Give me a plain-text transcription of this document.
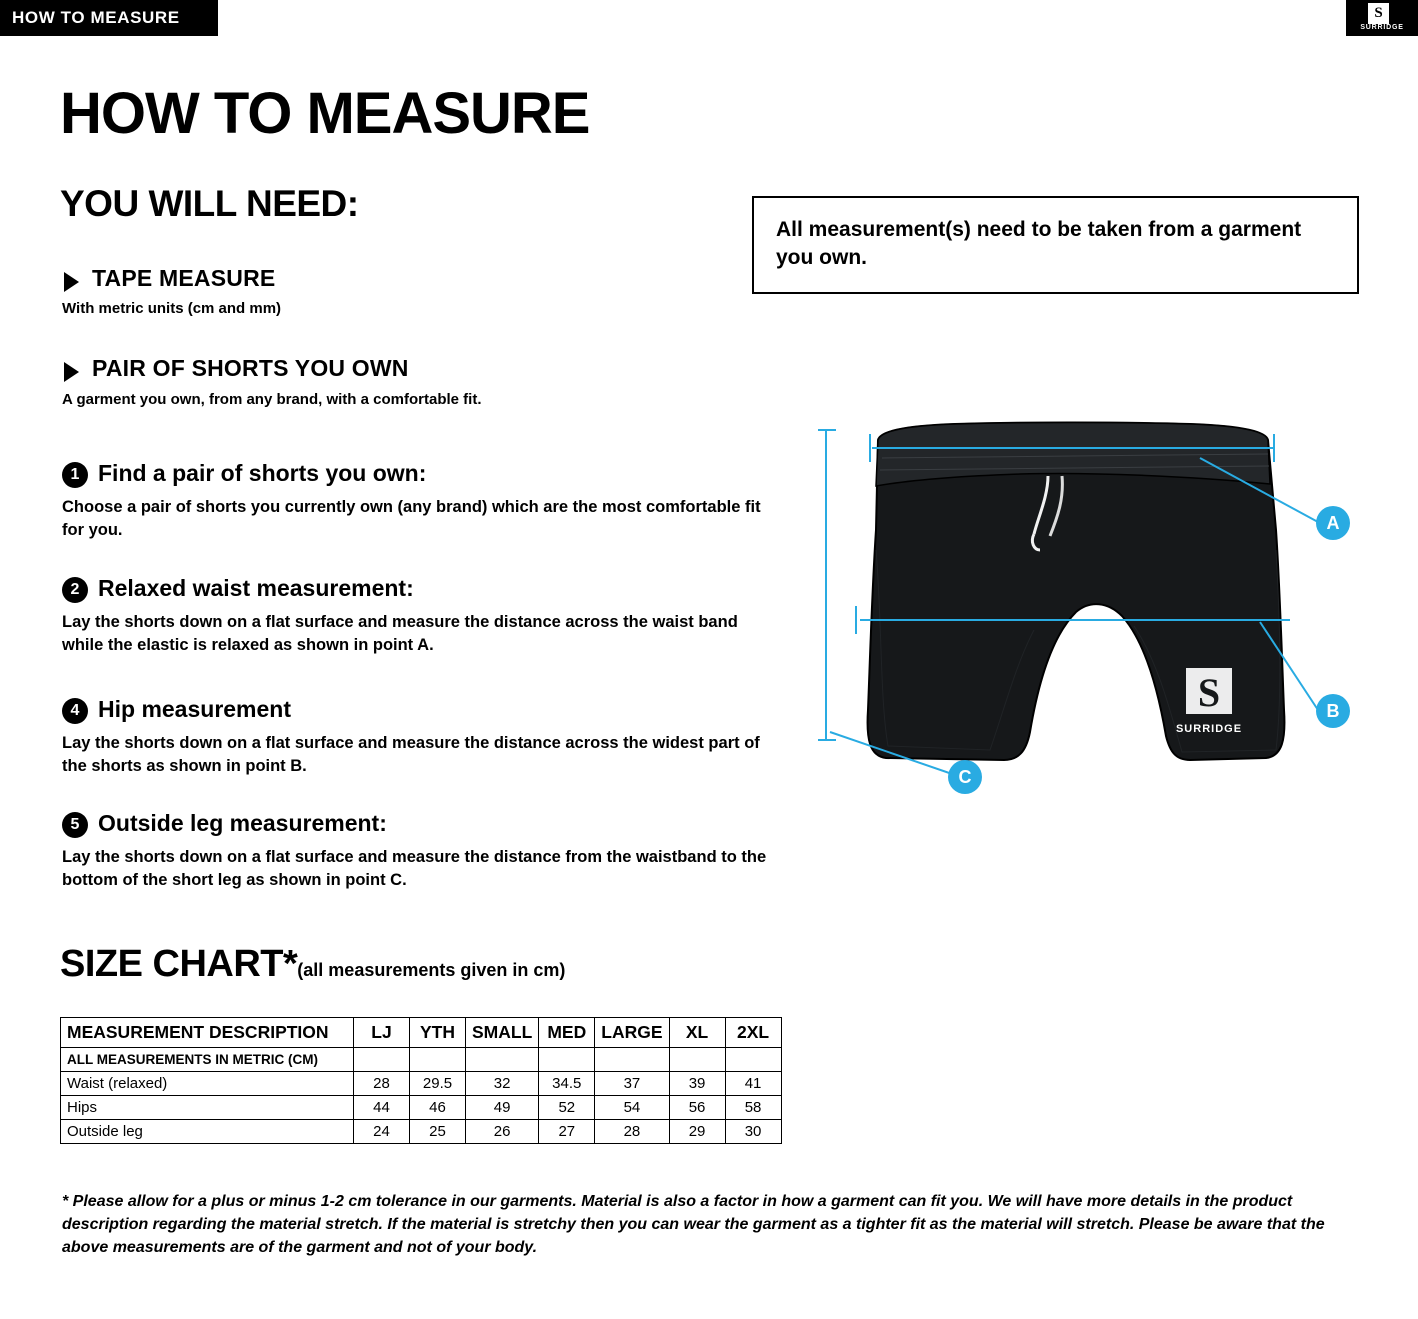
HOW TO MEASURE	S
SURRIDGE
HOW TO MEASURE
YOU WILL NEED:

All measurement(s) need to be taken from a garment you own.

TAPE MEASURE
With metric units (cm and mm)
PAIR OF SHORTS YOU OWN
A garment you own, from any brand, with a comfortable fit.
1 Find a pair of shorts you own:
Choose a pair of shorts you currently own (any brand) which are the most comfortable fit for you.
2 Relaxed waist measurement:
Lay the shorts down on a flat surface and measure the distance across the waist band while the elastic is relaxed as shown in point A.
4 Hip measurement
Lay the shorts down on a flat surface and measure the distance across the widest part of the shorts as shown in point B.
5 Outside leg measurement:
Lay the shorts down on a flat surface and measure the distance from the waistband to the bottom of the short leg as shown in point C.
S
SURRIDGE
A
B
C
SIZE CHART*(all measurements given in cm)
MEASUREMENT DESCRIPTION	LJ	YTH	SMALL	MED	LARGE	XL	2XL
ALL MEASUREMENTS IN METRIC (CM)							
Waist (relaxed)	28	29.5	32	34.5	37	39	41
Hips	44	46	49	52	54	56	58
Outside leg	24	25	26	27	28	29	30
* Please allow for a plus or minus 1-2 cm tolerance in our garments. Material is also a factor in how a garment can fit you. We will have more details in the product description regarding the material stretch. If the material is stretchy then you can wear the garment as a tighter fit as the material will stretch. Please be aware that the above measurements are of the garment and not of your body.
